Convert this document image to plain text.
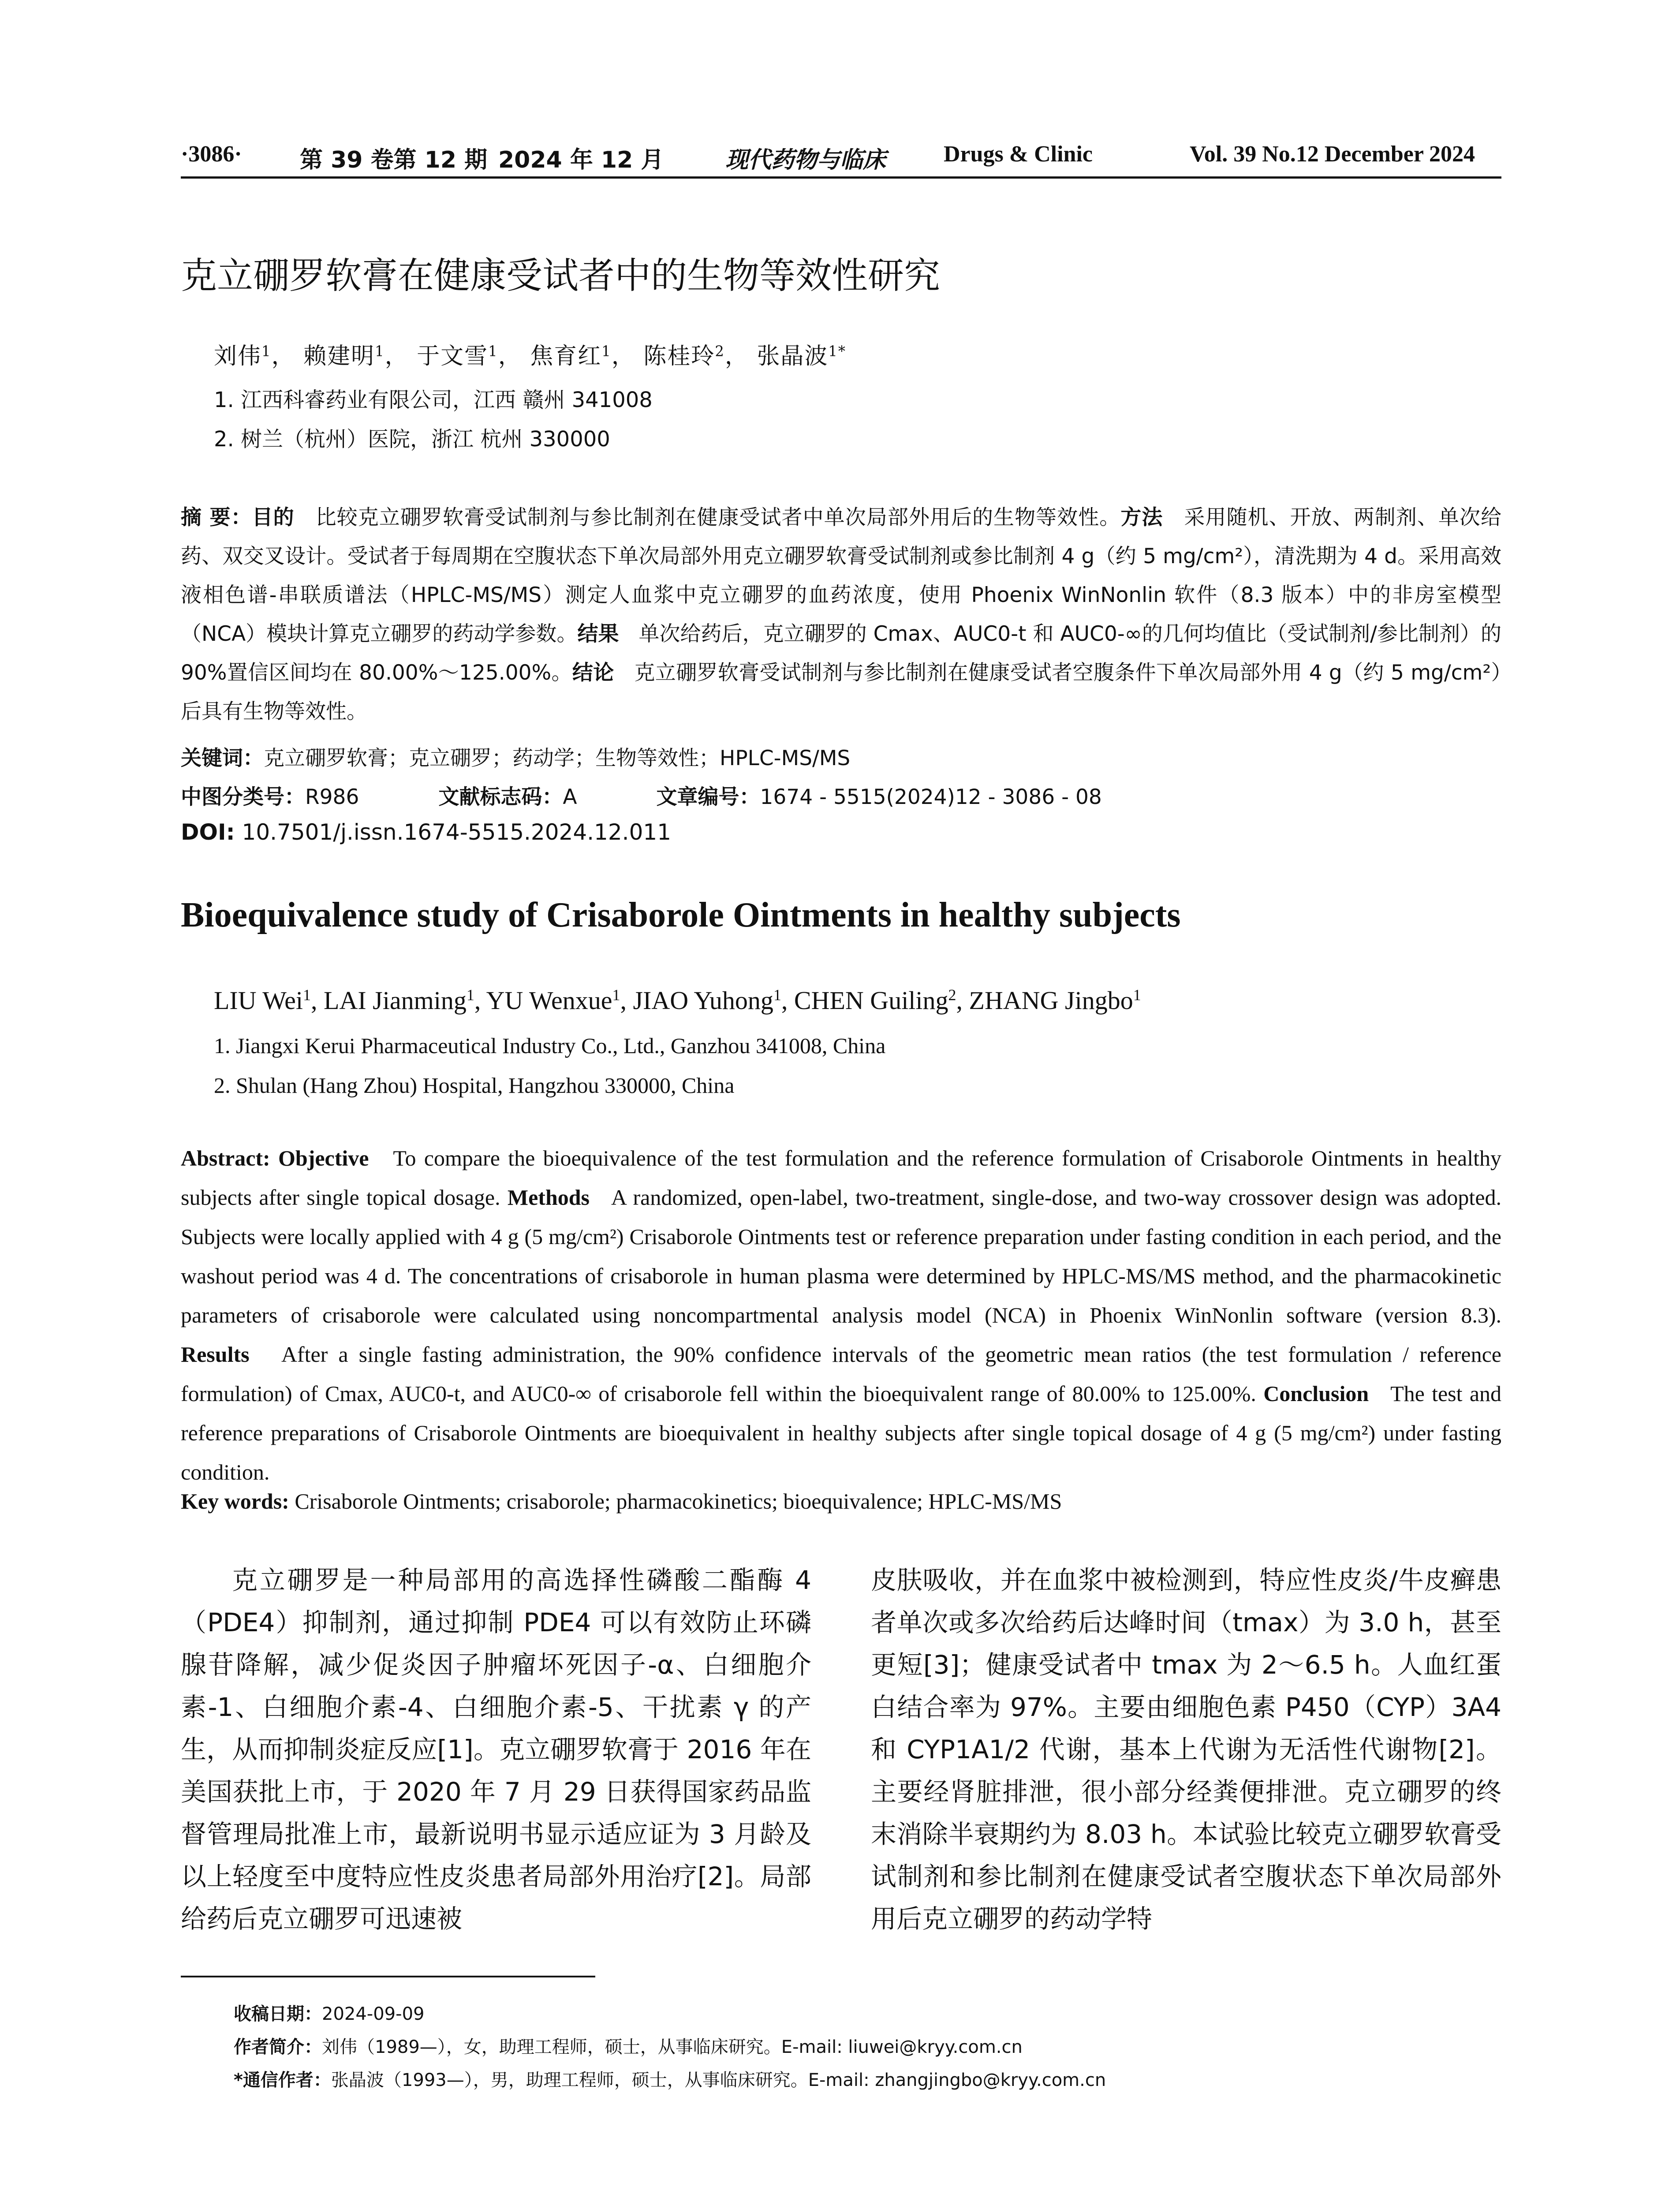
·3086·	第 39 卷第 12 期 2024 年 12 月	现代药物与临床	Drugs & Clinic	Vol. 39 No.12 December 2024
克立硼罗软膏在健康受试者中的生物等效性研究
刘伟$^1$， 赖建明$^1$， 于文雪$^1$， 焦育红$^1$， 陈桂玲$^2$， 张晶波$^{1*}$
1. 江西科睿药业有限公司，江西 赣州 341008
2. 树兰（杭州）医院，浙江 杭州 330000
摘 要：目的 比较克立硼罗软膏受试制剂与参比制剂在健康受试者中单次局部外用后的生物等效性。方法 采用随机、开放、两制剂、单次给药、双交叉设计。受试者于每周期在空腹状态下单次局部外用克立硼罗软膏受试制剂或参比制剂 4 g（约 5 mg/cm²），清洗期为 4 d。采用高效液相色谱-串联质谱法（HPLC-MS/MS）测定人血浆中克立硼罗的血药浓度，使用 Phoenix WinNonlin 软件（8.3 版本）中的非房室模型（NCA）模块计算克立硼罗的药动学参数。结果 单次给药后，克立硼罗的 Cmax、AUC0-t 和 AUC0-∞的几何均值比（受试制剂/参比制剂）的 90%置信区间均在 80.00%～125.00%。结论 克立硼罗软膏受试制剂与参比制剂在健康受试者空腹条件下单次局部外用 4 g（约 5 mg/cm²）后具有生物等效性。
关键词：克立硼罗软膏；克立硼罗；药动学；生物等效性；HPLC-MS/MS
中图分类号：R986	文献标志码：A	文章编号：1674 - 5515(2024)12 - 3086 - 08
DOI: 10.7501/j.issn.1674-5515.2024.12.011
Bioequivalence study of Crisaborole Ointments in healthy subjects
LIU Wei$^1$, LAI Jianming$^1$, YU Wenxue$^1$, JIAO Yuhong$^1$, CHEN Guiling$^2$, ZHANG Jingbo$^1$
1. Jiangxi Kerui Pharmaceutical Industry Co., Ltd., Ganzhou 341008, China
2. Shulan (Hang Zhou) Hospital, Hangzhou 330000, China
Abstract: Objective To compare the bioequivalence of the test formulation and the reference formulation of Crisaborole Ointments in healthy subjects after single topical dosage. Methods A randomized, open-label, two-treatment, single-dose, and two-way crossover design was adopted. Subjects were locally applied with 4 g (5 mg/cm²) Crisaborole Ointments test or reference preparation under fasting condition in each period, and the washout period was 4 d. The concentrations of crisaborole in human plasma were determined by HPLC-MS/MS method, and the pharmacokinetic parameters of crisaborole were calculated using noncompartmental analysis model (NCA) in Phoenix WinNonlin software (version 8.3). Results After a single fasting administration, the 90% confidence intervals of the geometric mean ratios (the test formulation / reference formulation) of Cmax, AUC0-t, and AUC0-∞ of crisaborole fell within the bioequivalent range of 80.00% to 125.00%. Conclusion The test and reference preparations of Crisaborole Ointments are bioequivalent in healthy subjects after single topical dosage of 4 g (5 mg/cm²) under fasting condition.
Key words: Crisaborole Ointments; crisaborole; pharmacokinetics; bioequivalence; HPLC-MS/MS
克立硼罗是一种局部用的高选择性磷酸二酯酶 4（PDE4）抑制剂，通过抑制 PDE4 可以有效防止环磷腺苷降解，减少促炎因子肿瘤坏死因子-α、白细胞介素-1、白细胞介素-4、白细胞介素-5、干扰素 γ 的产生，从而抑制炎症反应[1]。克立硼罗软膏于 2016 年在美国获批上市，于 2020 年 7 月 29 日获得国家药品监督管理局批准上市，最新说明书显示适应证为 3 月龄及以上轻度至中度特应性皮炎患者局部外用治疗[2]。局部给药后克立硼罗可迅速被
皮肤吸收，并在血浆中被检测到，特应性皮炎/牛皮癣患者单次或多次给药后达峰时间（tmax）为 3.0 h，甚至更短[3]；健康受试者中 tmax 为 2～6.5 h。人血红蛋白结合率为 97%。主要由细胞色素 P450（CYP）3A4 和 CYP1A1/2 代谢，基本上代谢为无活性代谢物[2]。主要经肾脏排泄，很小部分经粪便排泄。克立硼罗的终末消除半衰期约为 8.03 h。本试验比较克立硼罗软膏受试制剂和参比制剂在健康受试者空腹状态下单次局部外用后克立硼罗的药动学特
收稿日期：2024-09-09
作者简介：刘伟（1989—），女，助理工程师，硕士，从事临床研究。E-mail: liuwei@kryy.com.cn
*通信作者：张晶波（1993—），男，助理工程师，硕士，从事临床研究。E-mail: zhangjingbo@kryy.com.cn
